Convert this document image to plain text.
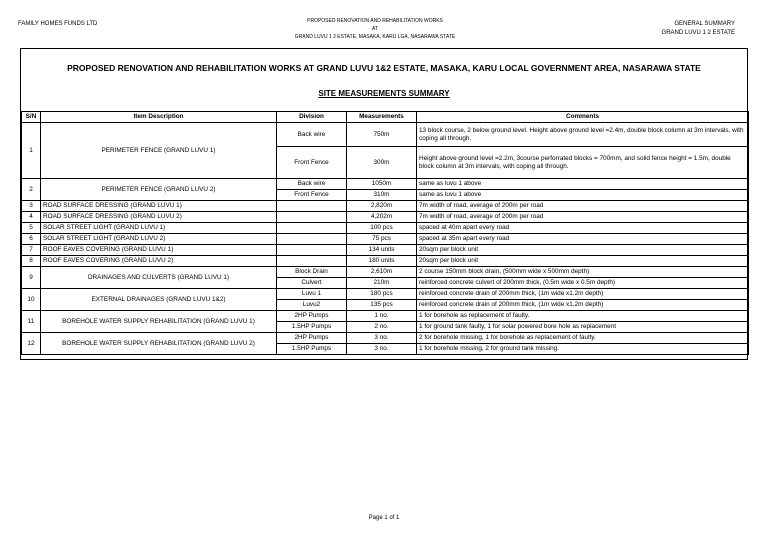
FAMILY HOMES FUNDS LTD	PROPOSED RENOVATION AND REHABILITATION WORKS
AT
GRAND LUVU 1 2 ESTATE, MASAKA, KARU LGA, NASARAWA STATE
GENERAL SUMMARY
GRAND LUVU 1 2 ESTATE
PROPOSED RENOVATION AND REHABILITATION WORKS AT GRAND LUVU 1&2 ESTATE, MASAKA, KARU LOCAL GOVERNMENT AREA, NASARAWA STATE
SITE MEASUREMENTS SUMMARY
S/N	Item Description	Division	Measurements	Comments
1	PERIMETER FENCE (GRAND LUVU 1)	Back wire	750m	13 block course, 2 below ground level. Height above ground level =2.4m, double block column at 3m intervals, with coping all through.
		Front Fence	300m	Height above ground level =2.2m, 3course perforrated blocks = 700mm, and solid fence height = 1.5m, double block column at 3m intervals, with coping all through.
2	PERIMETER FENCE (GRAND LUVU 2)	Back wire	1050m	same as luvu 1 above
		Front Fence	310m	same as luvu 1 above
3	ROAD SURFACE DRESSING (GRAND LUVU 1)		2,820m	7m width of road, average of 200m per road
4	ROAD SURFACE DRESSING (GRAND LUVU 2)		4,202m	7m width of road, average of 200m per road
5	SOLAR STREET LIGHT (GRAND LUVU 1)		100 pcs	spaced at 40m apart every road
6	SOLAR STREET LIGHT (GRAND LUVU 2)		75 pcs	spaced at 35m apart every road
7	ROOF EAVES COVERING (GRAND LUVU 1)		134 units	20sqm per block unit
8	ROOF EAVES COVERING (GRAND LUVU 2)		180 units	20sqm per block unit
9	DRAINAGES AND CULVERTS (GRAND LUVU 1)	Block Drain	2,610m	2 course 150mm block drain, (500mm wide x 500mm depth)
		Culvert	210m	reinforced concrete culvert of 200mm thick, (0.5m wide x 0.5m depth)
10	EXTERNAL DRAINAGES (GRAND LUVU 1&2)	Luvu 1	180 pcs	reinforced concrete drain of 200mm thick, (1m wide x1.2m depth)
		Luvu2	135 pcs	reinforced concrete drain of 200mm thick, (1m wide x1.2m depth)
11	BOREHOLE WATER SUPPLY REHABILITATION (GRAND LUVU 1)	2HP Pumps	1 no.	1 for borehole as replacement of faulty.
		1.5HP Pumps	2 no.	1 for ground tank faulty, 1 for solar powered bore hole as replacement
12	BOREHOLE WATER SUPPLY REHABILITATION (GRAND LUVU 2)	2HP Pumps	3 no.	2 for borehole missing, 1 for borehole as replacement of faulty.
		1.5HP Pumps	3 no.	1 for borehole missing, 2 for ground tank missing.
Page 1 of 1
